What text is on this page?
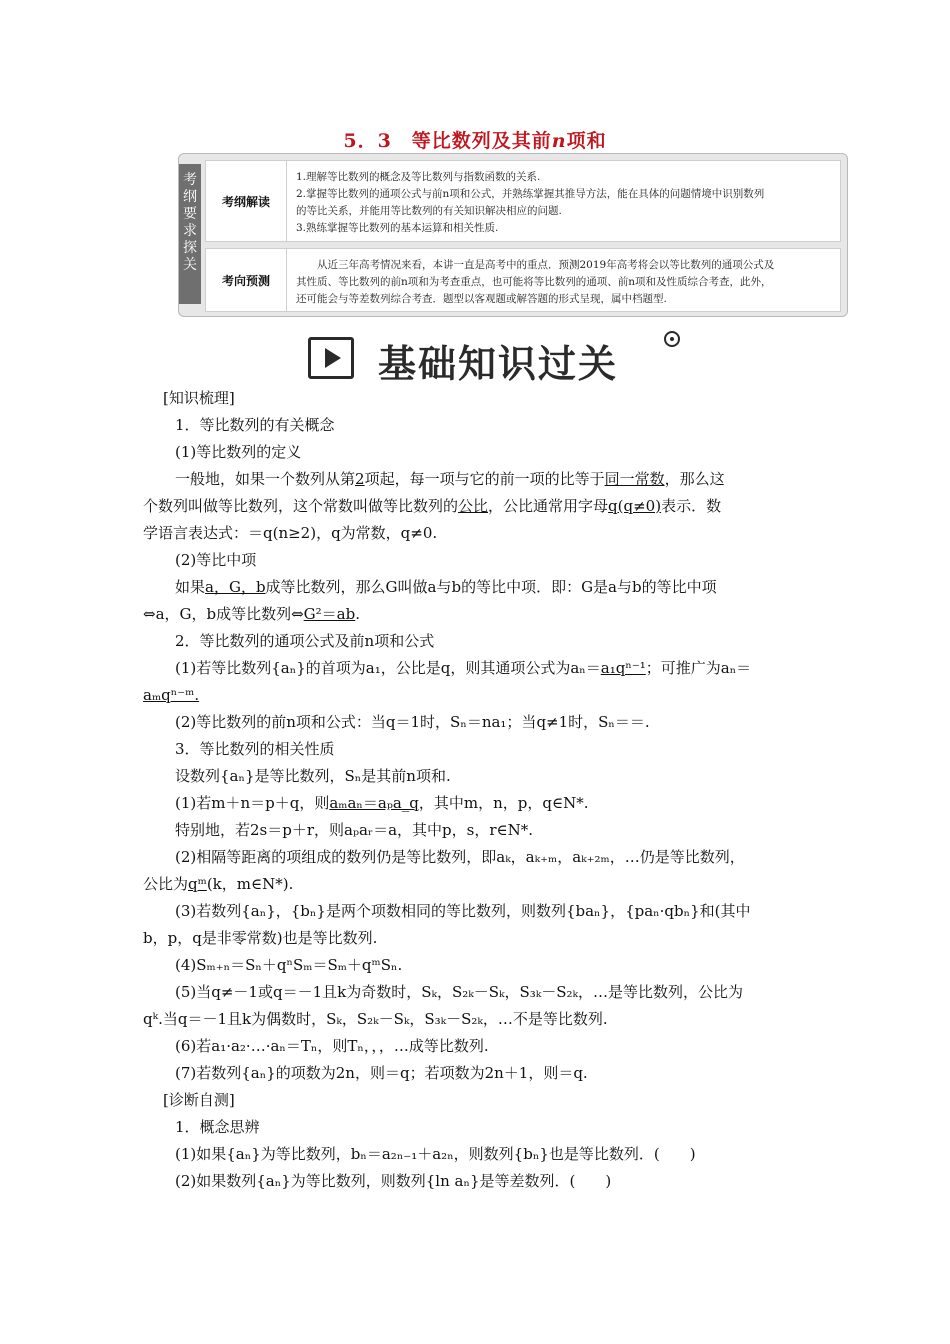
5．3　等比数列及其前n项和
考
纲
要
求
探
关
考纲解读

1.理解等比数列的概念及等比数列与指数函数的关系.

2.掌握等比数列的通项公式与前n项和公式，并熟练掌握其推导方法，能在具体的问题情境中识别数列

的等比关系，并能用等比数列的有关知识解决相应的问题.

3.熟练掌握等比数列的基本运算和相关性质.

考向预测

　　从近三年高考情况来看，本讲一直是高考中的重点．预测2019年高考将会以等比数列的通项公式及

其性质、等比数列的前n项和为考查重点，也可能将等比数列的通项、前n项和及性质综合考查，此外，

还可能会与等差数列综合考查．题型以客观题或解答题的形式呈现，属中档题型.

基础知识过关
[知识梳理]
1．等比数列的有关概念
(1)等比数列的定义
一般地，如果一个数列从第2项起，每一项与它的前一项的比等于同一常数，那么这
个数列叫做等比数列，这个常数叫做等比数列的公比，公比通常用字母q(q≠0)表示．数
学语言表达式：＝q(n≥2)，q为常数，q≠0.
(2)等比中项
如果a，G，b成等比数列，那么G叫做a与b的等比中项．即：G是a与b的等比中项
⇔a，G，b成等比数列⇔G²＝ab.
2．等比数列的通项公式及前n项和公式
(1)若等比数列{aₙ}的首项为a₁，公比是q，则其通项公式为aₙ＝a₁qⁿ⁻¹；可推广为aₙ＝
aₘqⁿ⁻ᵐ.
(2)等比数列的前n项和公式：当q＝1时，Sₙ＝na₁；当q≠1时，Sₙ＝＝.
3．等比数列的相关性质
设数列{aₙ}是等比数列，Sₙ是其前n项和.
(1)若m＋n＝p＋q，则aₘaₙ＝aₚa_q，其中m，n，p，q∈N*.
特别地，若2s＝p＋r，则aₚaᵣ＝a，其中p，s，r∈N*.
(2)相隔等距离的项组成的数列仍是等比数列，即aₖ，aₖ₊ₘ，aₖ₊₂ₘ，…仍是等比数列，
公比为qᵐ(k，m∈N*).
(3)若数列{aₙ}，{bₙ}是两个项数相同的等比数列，则数列{baₙ}，{paₙ·qbₙ}和(其中
b，p，q是非零常数)也是等比数列.
(4)Sₘ₊ₙ＝Sₙ＋qⁿSₘ＝Sₘ＋qᵐSₙ.
(5)当q≠－1或q＝－1且k为奇数时，Sₖ，S₂ₖ－Sₖ，S₃ₖ－S₂ₖ，…是等比数列，公比为
qᵏ.当q＝－1且k为偶数时，Sₖ，S₂ₖ－Sₖ，S₃ₖ－S₂ₖ，…不是等比数列.
(6)若a₁·a₂·…·aₙ＝Tₙ，则Tₙ，，，…成等比数列.
(7)若数列{aₙ}的项数为2n，则＝q；若项数为2n＋1，则＝q.
[诊断自测]
1．概念思辨
(1)如果{aₙ}为等比数列，bₙ＝a₂ₙ₋₁＋a₂ₙ，则数列{bₙ}也是等比数列．(　　)
(2)如果数列{aₙ}为等比数列，则数列{ln aₙ}是等差数列．(　　)
